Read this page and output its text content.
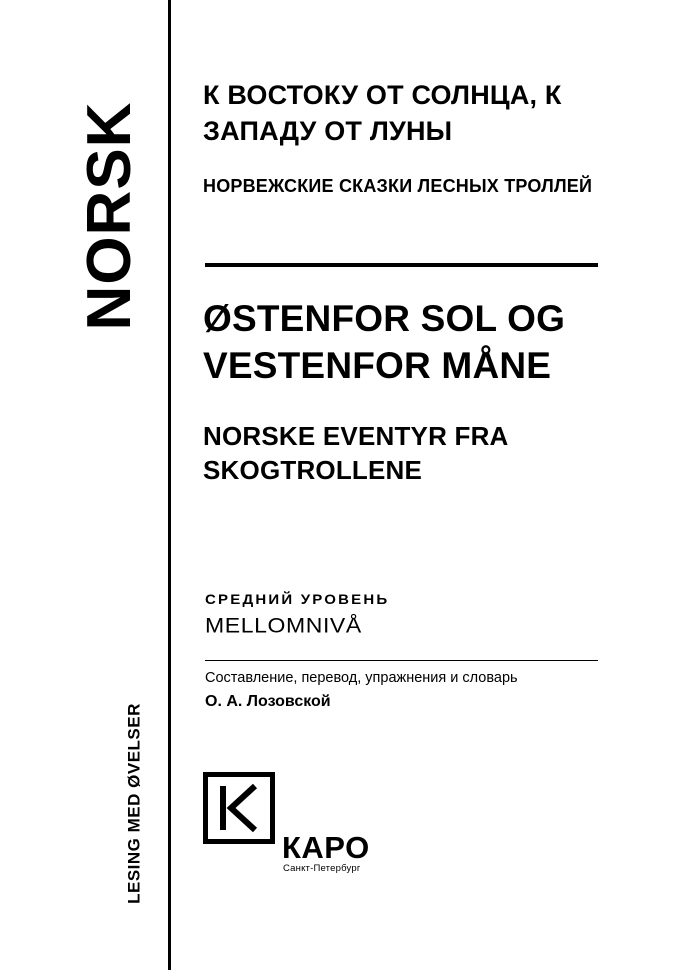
NORSK
LESING MED ØVELSER
К ВОСТОКУ ОТ СОЛНЦА, К ЗАПАДУ ОТ ЛУНЫ
НОРВЕЖСКИЕ СКАЗКИ ЛЕСНЫХ ТРОЛЛЕЙ
ØSTENFOR SOL OG VESTENFOR MÅNE
NORSKE EVENTYR FRA SKOGTROLLENE
СРЕДНИЙ УРОВЕНЬ
MELLOMNIVÅ
Составление, перевод, упражнения и словарь
О. А. Лозовской
КАРО
Санкт-Петербург
